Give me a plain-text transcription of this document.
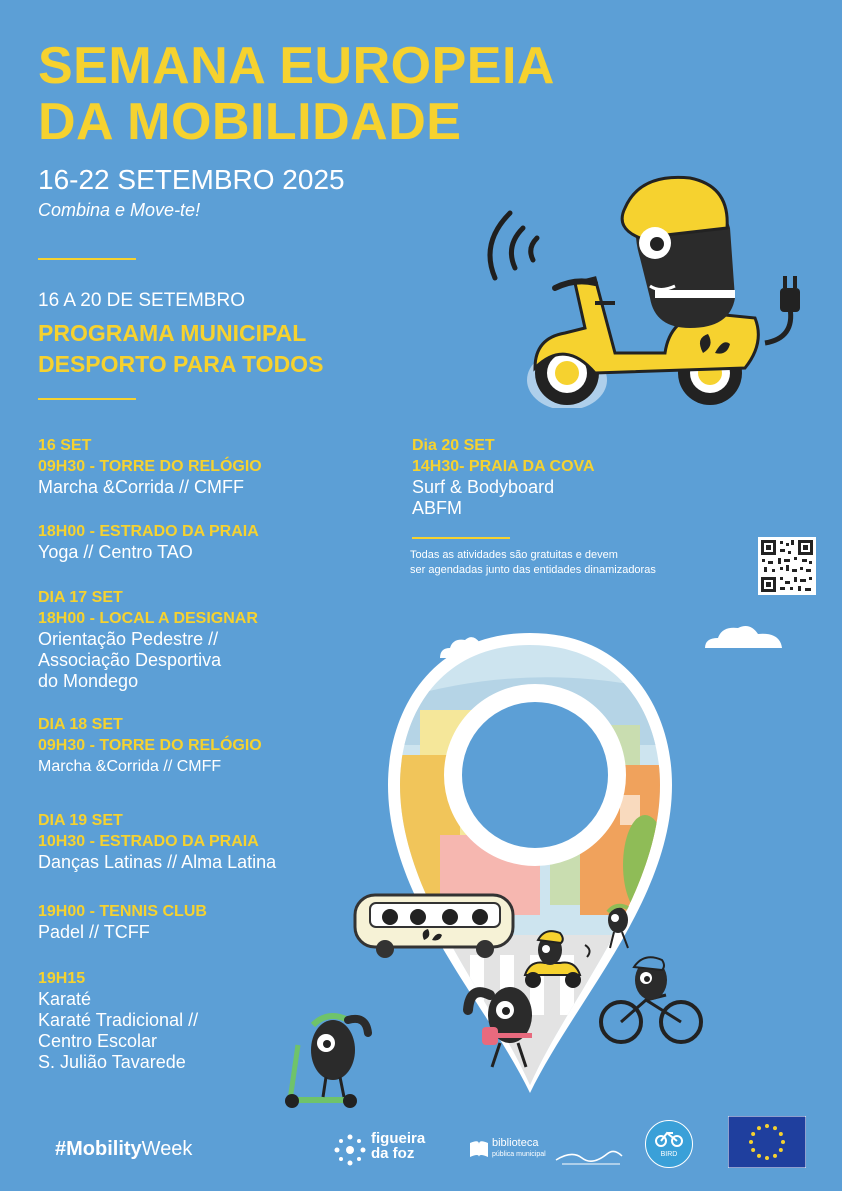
SEMANA EUROPEIA
DA MOBILIDADE
16-22 SETEMBRO 2025
Combina e Move-te!
16 A 20 DE SETEMBRO
PROGRAMA MUNICIPAL
DESPORTO PARA TODOS
16 SET
09H30 - TORRE DO RELÓGIO
Marcha &Corrida // CMFF
18H00 - ESTRADO DA PRAIA
Yoga // Centro TAO
DIA 17 SET
18H00 - LOCAL A DESIGNAR
Orientação Pedestre //
Associação Desportiva
do Mondego
DIA 18 SET
09H30 - TORRE DO RELÓGIO
Marcha &Corrida // CMFF
DIA 19 SET
10H30 - ESTRADO DA PRAIA
Danças Latinas // Alma Latina
19H00 - TENNIS CLUB
Padel // TCFF
19H15
Karaté
Karaté Tradicional //
Centro Escolar
S. Julião Tavarede
Dia 20 SET
14H30- PRAIA DA COVA
Surf & Bodyboard
ABFM
Todas as atividades são gratuitas e devem
ser agendadas junto das entidades dinamizadoras
#MobilityWeek	figueira
da foz
biblioteca
pública municipal	BIRD
